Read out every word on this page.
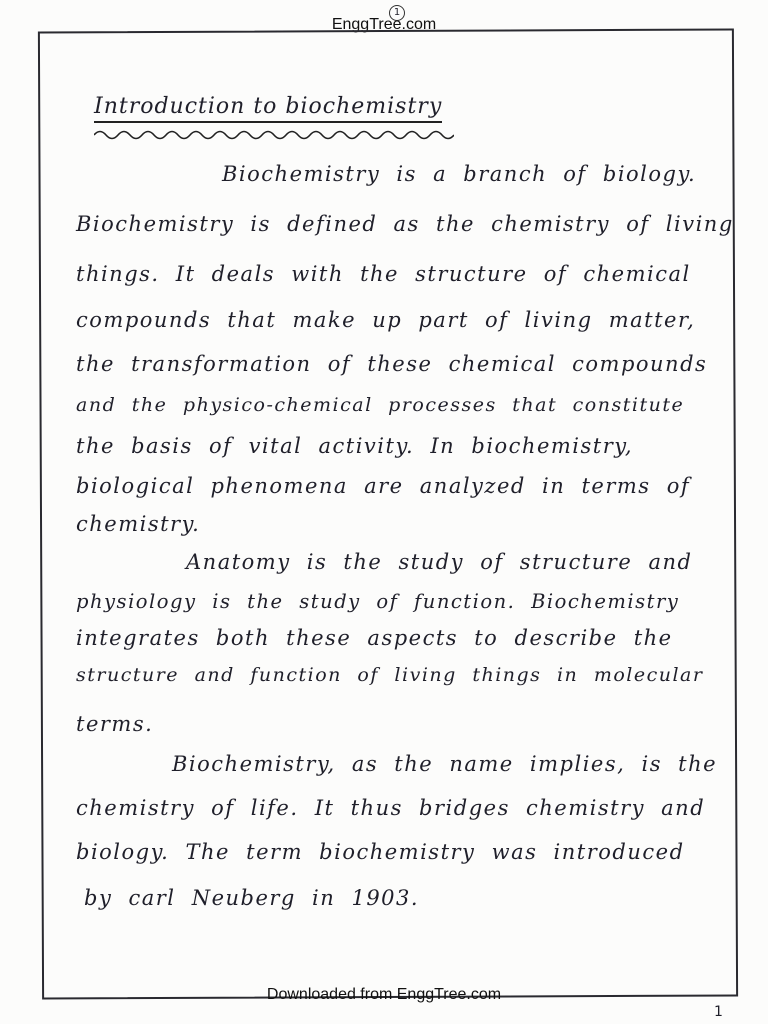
1
EnggTree.com
Introduction to biochemistry
Biochemistry is a branch of biology.
Biochemistry is defined as the chemistry of living
things. It deals with the structure of chemical
compounds that make up part of living matter,
the transformation of these chemical compounds
and the physico-chemical processes that constitute
the basis of vital activity. In biochemistry,
biological phenomena are analyzed in terms of
chemistry.
Anatomy is the study of structure and
physiology is the study of function. Biochemistry
integrates both these aspects to describe the
structure and function of living things in molecular
terms.
Biochemistry, as the name implies, is the
chemistry of life. It thus bridges chemistry and
biology. The term biochemistry was introduced
by carl Neuberg in 1903.
Downloaded from EnggTree.com
1
